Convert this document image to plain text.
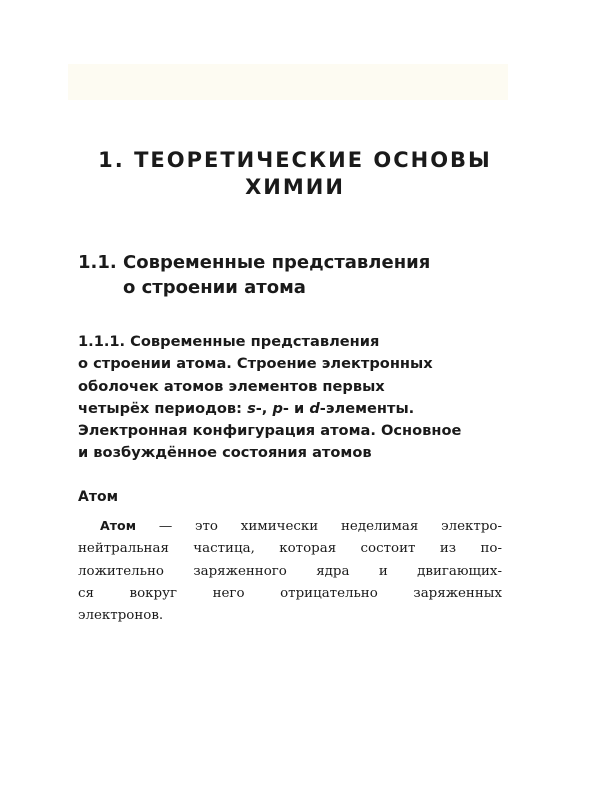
1. ТЕОРЕТИЧЕСКИЕ ОСНОВЫ
ХИМИИ
1.1. Современные представления
о строении атома
1.1.1. Современные представления
о строении атома. Строение электронных
оболочек атомов элементов первых
четырёх периодов: s-, p- и d-элементы.
Электронная конфигурация атома. Основное
и возбуждённое состояния атомов
Атом

Атом — это химически неделимая электро-
нейтральная частица, которая состоит из по-
ложительно заряженного ядра и двигающих-
ся вокруг него отрицательно заряженных
электронов.
